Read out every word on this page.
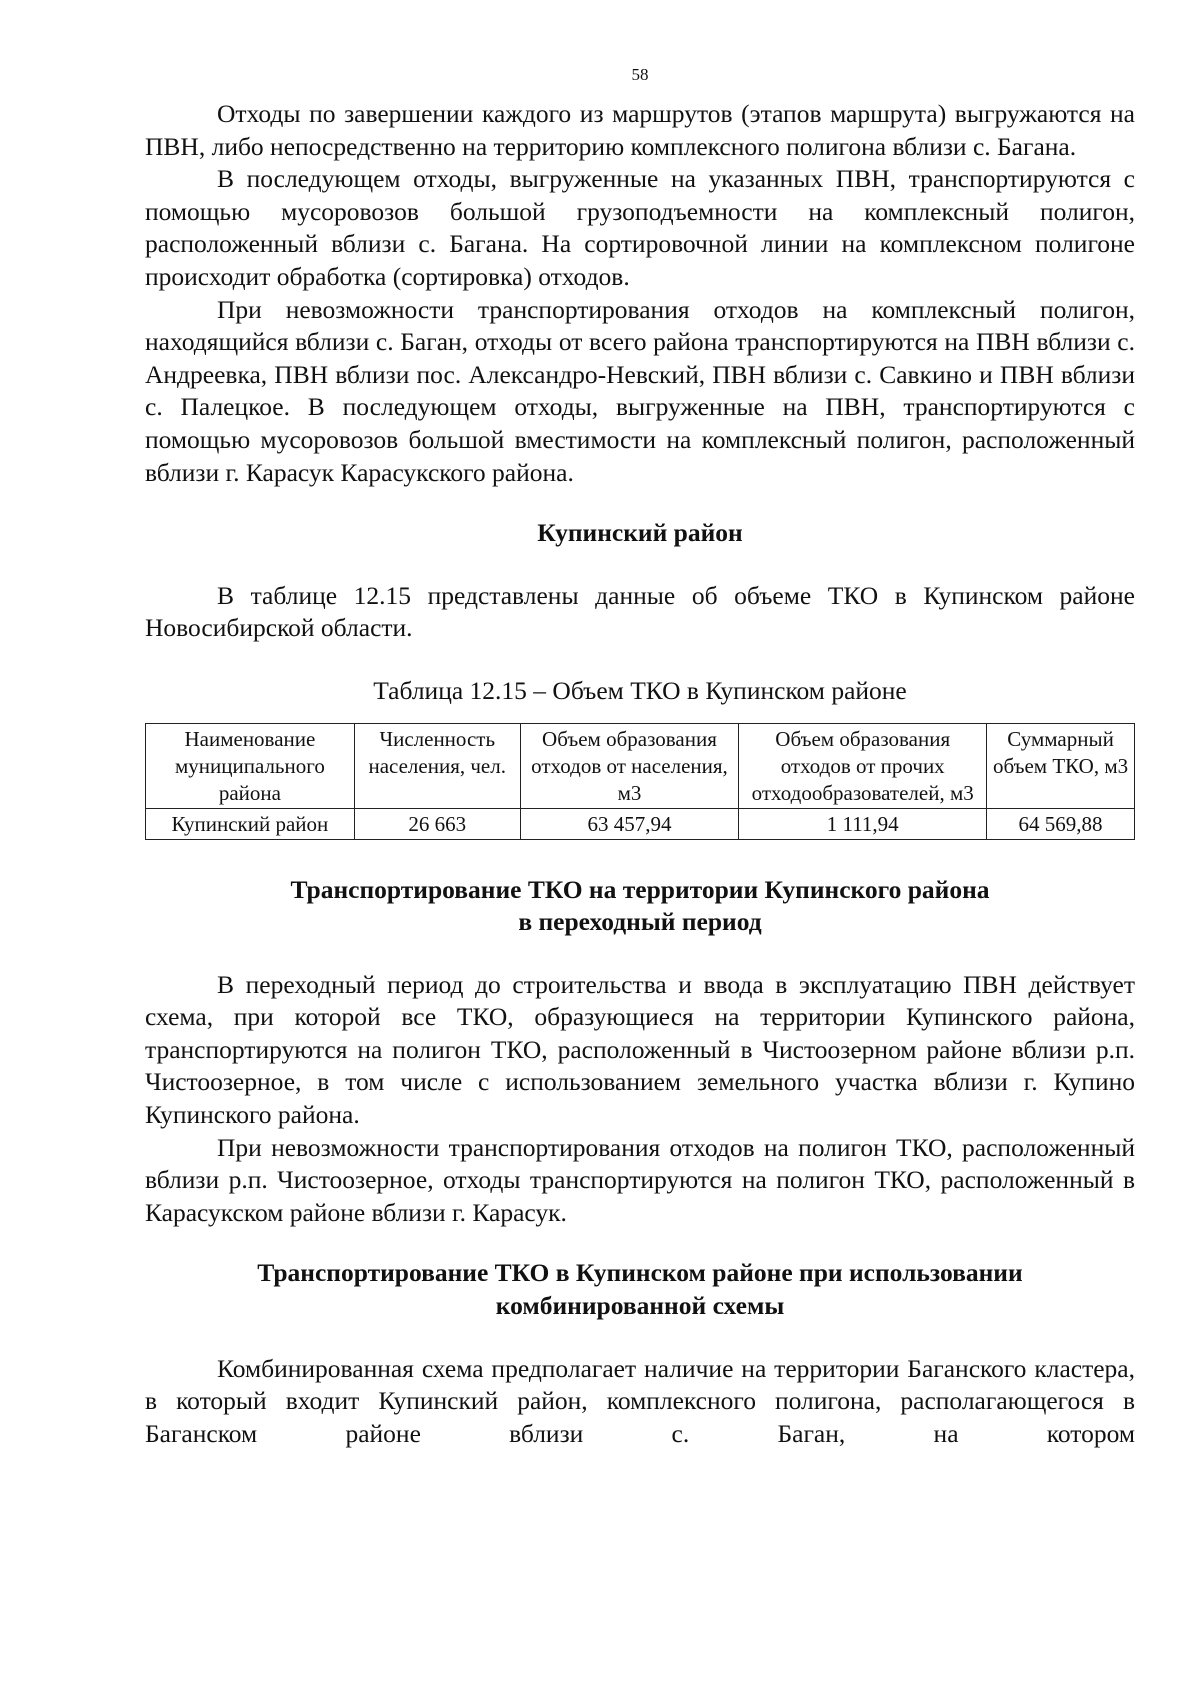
58

Отходы по завершении каждого из маршрутов (этапов маршрута) выгружаются на ПВН, либо непосредственно на территорию комплексного полигона вблизи с. Багана.

В последующем отходы, выгруженные на указанных ПВН, транспортируются с помощью мусоровозов большой грузоподъемности на комплексный полигон, расположенный вблизи с. Багана. На сортировочной линии на комплексном полигоне происходит обработка (сортировка) отходов.

При невозможности транспортирования отходов на комплексный полигон, находящийся вблизи с. Баган, отходы от всего района транспортируются на ПВН вблизи с. Андреевка, ПВН вблизи пос. Александро-Невский, ПВН вблизи с. Савкино и ПВН вблизи с. Палецкое. В последующем отходы, выгруженные на ПВН, транспортируются с помощью мусоровозов большой вместимости на комплексный полигон, расположенный вблизи г. Карасук Карасукского района.

Купинский район

В таблице 12.15 представлены данные об объеме ТКО в Купинском районе Новосибирской области.

Таблица 12.15 – Объем ТКО в Купинском районе

Наименование муниципального района	Численность населения, чел.	Объем образования отходов от населения, м3	Объем образования отходов от прочих отходообразователей, м3	Суммарный объем ТКО, м3
Купинский район	26 663	63 457,94	1 111,94	64 569,88
Транспортирование ТКО на территории Купинского района
в переходный период

В переходный период до строительства и ввода в эксплуатацию ПВН действует схема, при которой все ТКО, образующиеся на территории Купинского района, транспортируются на полигон ТКО, расположенный в Чистоозерном районе вблизи р.п. Чистоозерное, в том числе с использованием земельного участка вблизи г. Купино Купинского района.

При невозможности транспортирования отходов на полигон ТКО, расположенный вблизи р.п. Чистоозерное, отходы транспортируются на полигон ТКО, расположенный в Карасукском районе вблизи г. Карасук.

Транспортирование ТКО в Купинском районе при использовании
комбинированной схемы

Комбинированная схема предполагает наличие на территории Баганского кластера, в который входит Купинский район, комплексного полигона, располагающегося в Баганском районе вблизи с. Баган, на котором
